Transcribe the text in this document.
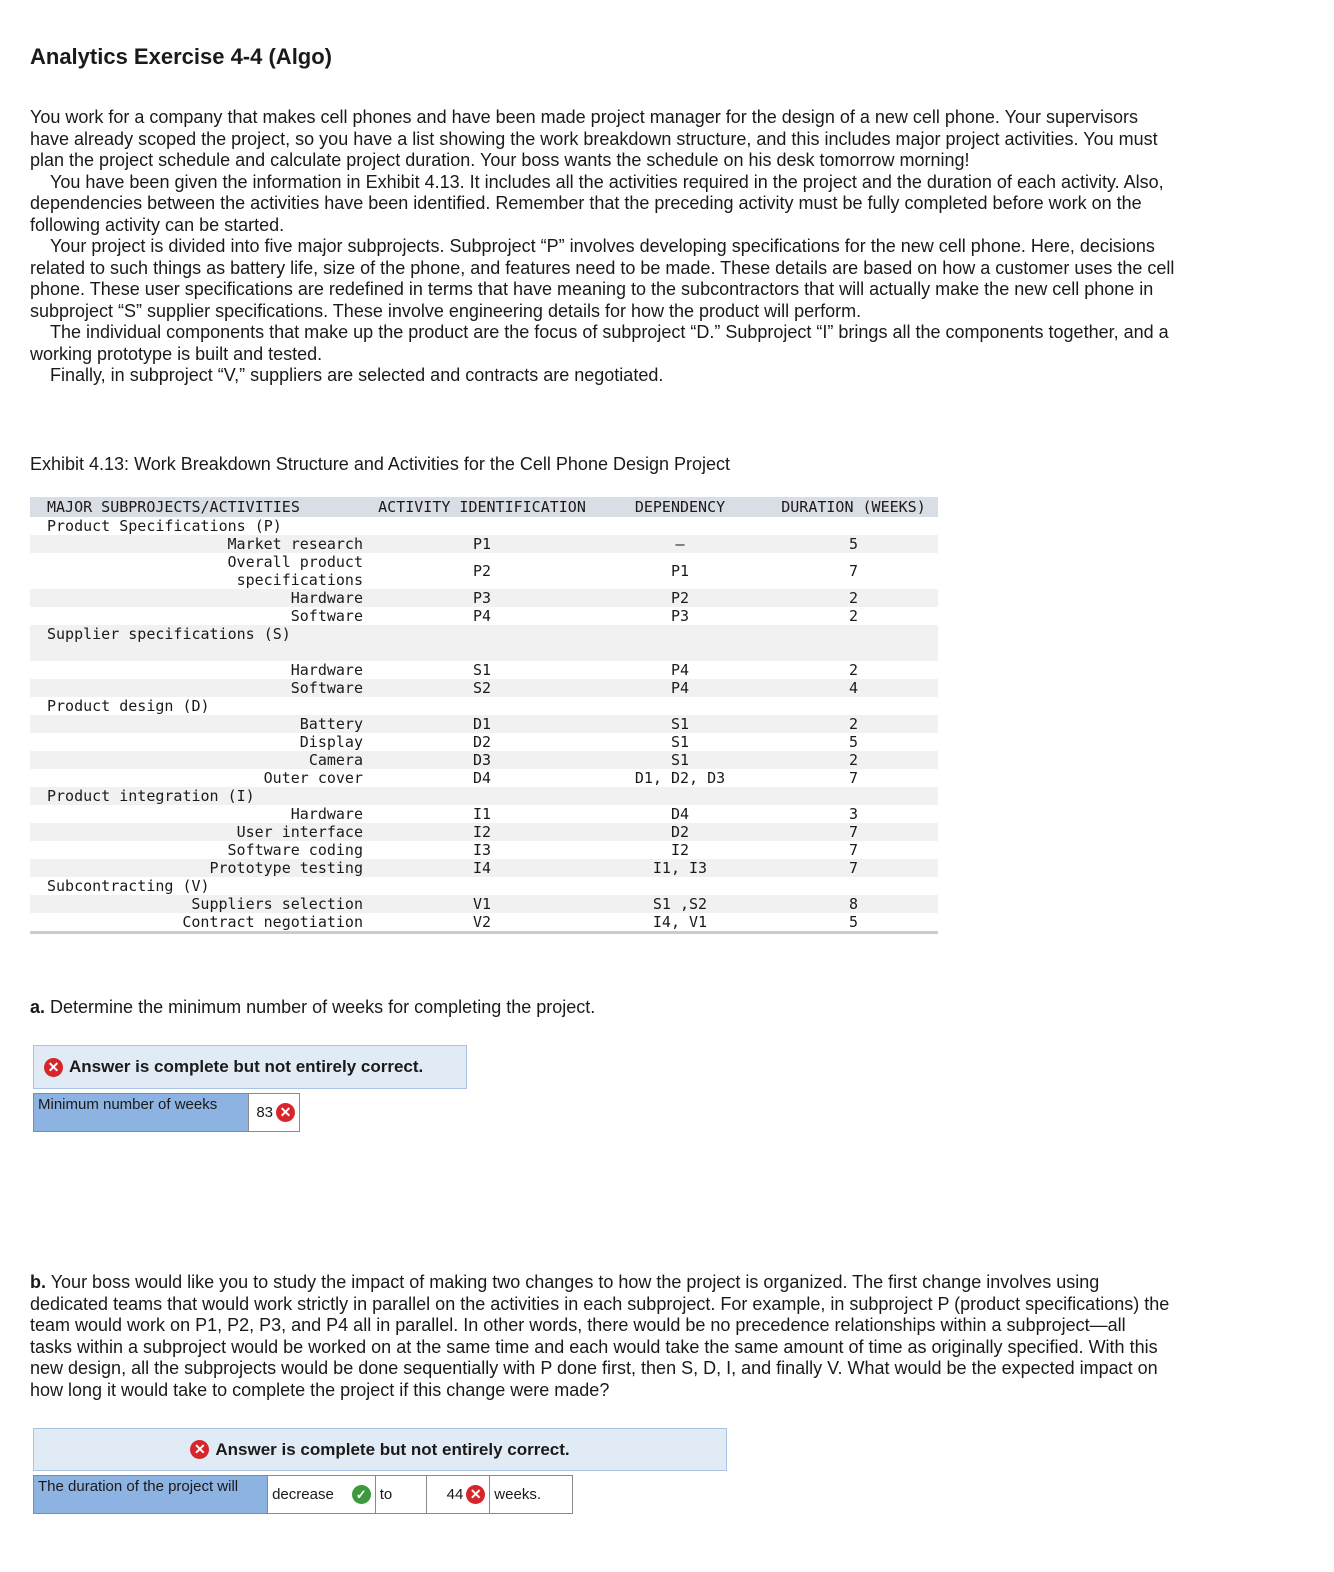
Analytics Exercise 4-4 (Algo)

You work for a company that makes cell phones and have been made project manager for the design of a new cell phone. Your supervisors have already scoped the project, so you have a list showing the work breakdown structure, and this includes major project activities. You must plan the project schedule and calculate project duration. Your boss wants the schedule on his desk tomorrow morning!

You have been given the information in Exhibit 4.13. It includes all the activities required in the project and the duration of each activity. Also, dependencies between the activities have been identified. Remember that the preceding activity must be fully completed before work on the following activity can be started.

Your project is divided into five major subprojects. Subproject “P” involves developing specifications for the new cell phone. Here, decisions related to such things as battery life, size of the phone, and features need to be made. These details are based on how a customer uses the cell phone. These user specifications are redefined in terms that have meaning to the subcontractors that will actually make the new cell phone in subproject “S” supplier specifications. These involve engineering details for how the product will perform.

The individual components that make up the product are the focus of subproject “D.” Subproject “I” brings all the components together, and a working prototype is built and tested.

Finally, in subproject “V,” suppliers are selected and contracts are negotiated.

Exhibit 4.13: Work Breakdown Structure and Activities for the Cell Phone Design Project
MAJOR SUBPROJECTS/ACTIVITIES	ACTIVITY IDENTIFICATION	DEPENDENCY	DURATION (WEEKS)
Product Specifications (P)			
Market research	P1	—	5
Overall product
specifications	P2	P1	7
Hardware	P3	P2	2
Software	P4	P3	2
Supplier specifications (S)			

Hardware	S1	P4	2
Software	S2	P4	4
Product design (D)			
Battery	D1	S1	2
Display	D2	S1	5
Camera	D3	S1	2
Outer cover	D4	D1, D2, D3	7
Product integration (I)			
Hardware	I1	D4	3
User interface	I2	D2	7
Software coding	I3	I2	7
Prototype testing	I4	I1, I3	7
Subcontracting (V)			
Suppliers selection	V1	S1 ,S2	8
Contract negotiation	V2	I4, V1	5

a. Determine the minimum number of weeks for completing the project.
✕ Answer is complete but not entirely correct.
Minimum number of weeks	83 ✕
b. Your boss would like you to study the impact of making two changes to how the project is organized. The first change involves using dedicated teams that would work strictly in parallel on the activities in each subproject. For example, in subproject P (product specifications) the team would work on P1, P2, P3, and P4 all in parallel. In other words, there would be no precedence relationships within a subproject—all tasks within a subproject would be worked on at the same time and each would take the same amount of time as originally specified. With this new design, all the subprojects would be done sequentially with P done first, then S, D, I, and finally V. What would be the expected impact on how long it would take to complete the project if this change were made?
✕ Answer is complete but not entirely correct.
The duration of the project will	decrease	✓ to	44 ✕ weeks.
